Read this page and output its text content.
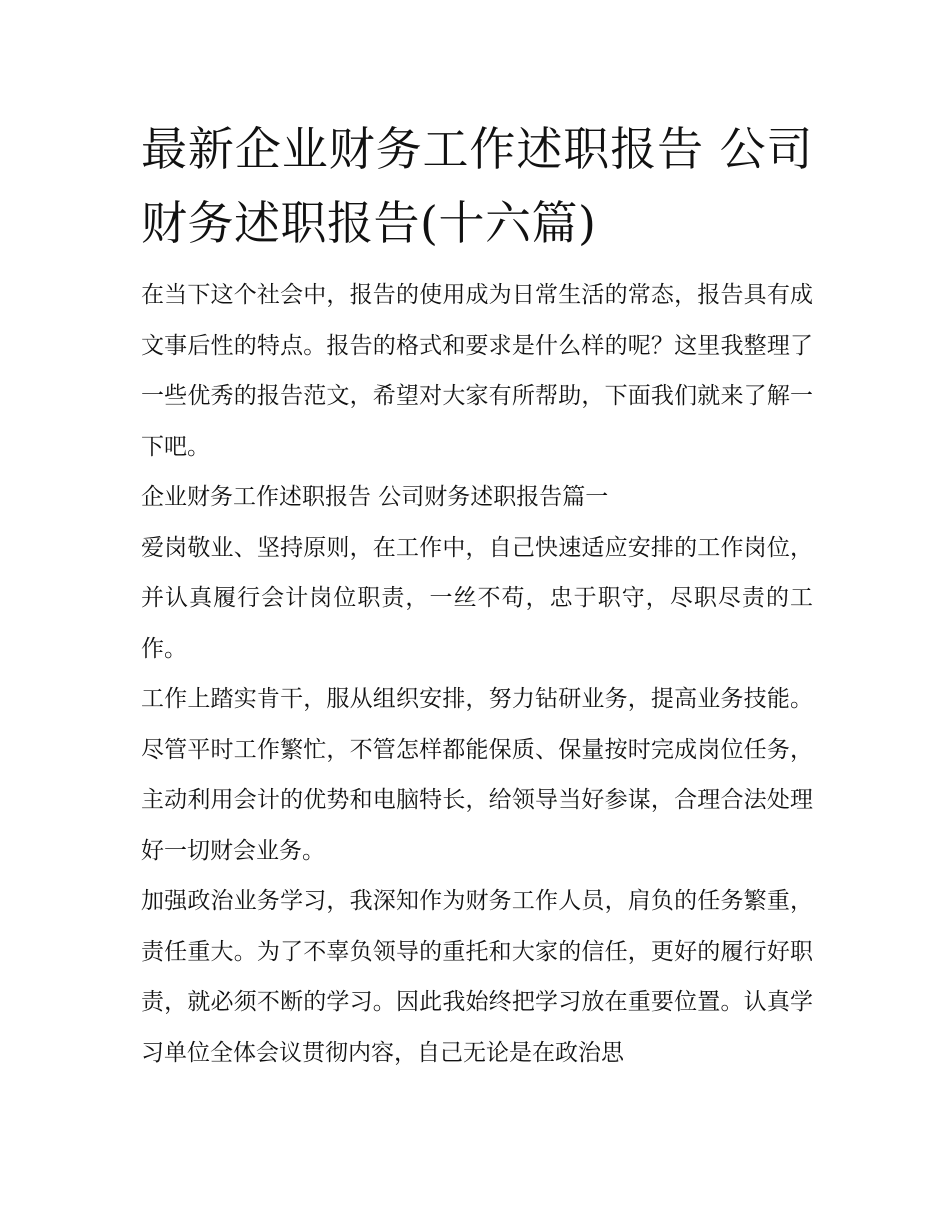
最新企业财务工作述职报告 公司财务述职报告(十六篇)

在当下这个社会中，报告的使用成为日常生活的常态，报告具有成文事后性的特点。报告的格式和要求是什么样的呢？这里我整理了一些优秀的报告范文，希望对大家有所帮助，下面我们就来了解一下吧。

企业财务工作述职报告 公司财务述职报告篇一

爱岗敬业、坚持原则，在工作中，自己快速适应安排的工作岗位，并认真履行会计岗位职责，一丝不苟，忠于职守，尽职尽责的工作。

工作上踏实肯干，服从组织安排，努力钻研业务，提高业务技能。尽管平时工作繁忙，不管怎样都能保质、保量按时完成岗位任务，主动利用会计的优势和电脑特长，给领导当好参谋，合理合法处理好一切财会业务。

加强政治业务学习，我深知作为财务工作人员，肩负的任务繁重，责任重大。为了不辜负领导的重托和大家的信任，更好的履行好职责，就必须不断的学习。因此我始终把学习放在重要位置。认真学习单位全体会议贯彻内容，自己无论是在政治思
